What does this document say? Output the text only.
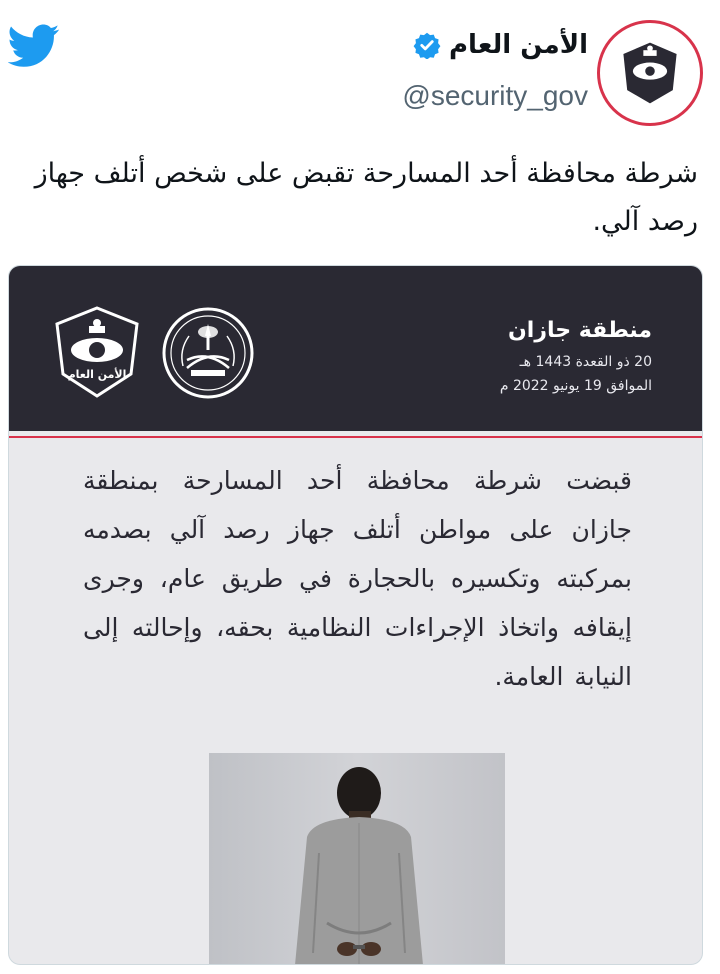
الأمن العام
@security_gov
شرطة محافظة أحد المسارحة تقبض على شخص أتلف جهاز رصد آلي.
منطقة جازان
20 ذو القعدة 1443 هـ
الموافق 19 يونيو 2022 م
الأمن العام
قبضت شرطة محافظة أحد المسارحة بمنطقة جازان على مواطن أتلف جهاز رصد آلي بصدمه بمركبته وتكسيره بالحجارة في طريق عام، وجرى إيقافه واتخاذ الإجراءات النظامية بحقه، وإحالته إلى النيابة العامة.
